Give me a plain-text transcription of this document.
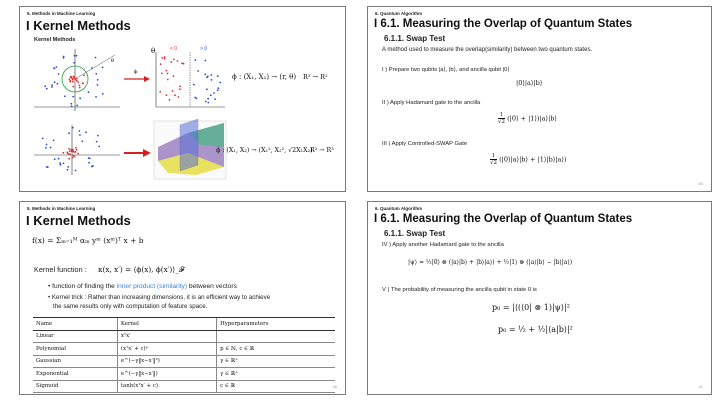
5. Methods in Machine Learning
I Kernel Methods
Kernel Methods
θ
ϕ
θ	< 0	> 0
ϕ : (X₁, X₂) → (r, θ) R² → R²
ϕ : (X₁, X₂) → (X₁², X₂², √2X₁X₂)
R² → R³
6. Quantum Algorithm
I 6.1. Measuring the Overlap of Quantum States
6.1.1. Swap Test
A method used to measure the overlap(similarity) between two quantum states.
I ) Prepare two qubits |a⟩, |b⟩, and ancilla qubit |0⟩
|0⟩|a⟩|b⟩
II ) Apply Hadamard gate to the ancilla
$\frac{1}{√2}$ (|0⟩ + |1⟩)|a⟩|b⟩
III ) Apply Controlled-SWAP Gate
$\frac{1}{√2}$ (|0⟩|a⟩|b⟩ + |1⟩|b⟩|a⟩)
40
5. Methods in Machine Learning
I Kernel Methods
f(x) = Σₘ₌₁ᴹ αₘ yᵐ (xᵐ)ᵀ x + b
Kernel function : κ(x, x′) = ⟨ϕ(x), ϕ(x′)⟩_𝓕
• function of finding the inner product (similarity) between vectors
• Kernel trick : Rather than increasing dimensions, it is an efficient way to achieve
the same results only with computation of feature space.
Name	Kernel	Hyperparameters
Linear	xᵀx′	
Polynomial	(xᵀx′ + c)ᵖ	p ∈ ℕ, c ∈ ℝ
Gaussian	e^(−γ‖x−x′‖²)	γ ∈ ℝ⁺
Exponential	e^(−γ‖x−x′‖)	γ ∈ ℝ⁺
Sigmoid	tanh(xᵀx′ + c)	c ∈ ℝ	36
6. Quantum Algorithm
I 6.1. Measuring the Overlap of Quantum States
6.1.1. Swap Test
IV ) Apply another Hadamard gate to the ancilla
|ψ⟩ = ½|0⟩ ⊗ (|a⟩|b⟩ + |b⟩|a⟩) + ½|1⟩ ⊗ (|a⟩|b⟩ − |b⟩|a⟩)
V ) The probability of measuring the ancilla qubit in state 0 is
p₀ = |⟨(⟨0| ⊗ 1)|ψ⟩|²
p₀ = ½ + ½|⟨a|b⟩|²
41
